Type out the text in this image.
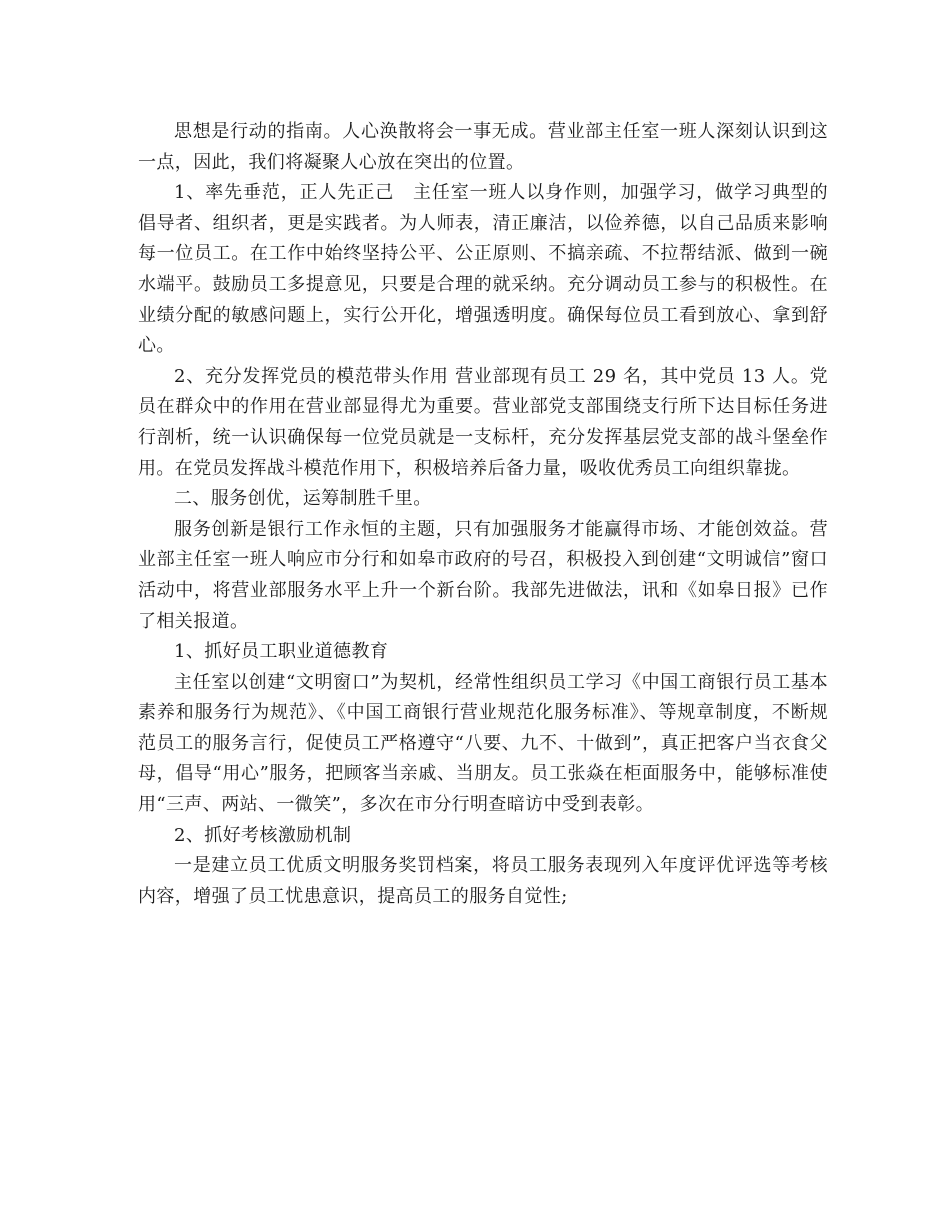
思想是行动的指南。人心涣散将会一事无成。营业部主任室一班人深刻认识到这一点，因此，我们将凝聚人心放在突出的位置。

1、率先垂范，正人先正己　主任室一班人以身作则，加强学习，做学习典型的倡导者、组织者，更是实践者。为人师表，清正廉洁，以俭养德，以自己品质来影响每一位员工。在工作中始终坚持公平、公正原则、不搞亲疏、不拉帮结派、做到一碗水端平。鼓励员工多提意见，只要是合理的就采纳。充分调动员工参与的积极性。在业绩分配的敏感问题上，实行公开化，增强透明度。确保每位员工看到放心、拿到舒心。

2、充分发挥党员的模范带头作用 营业部现有员工 29 名，其中党员 13 人。党员在群众中的作用在营业部显得尤为重要。营业部党支部围绕支行所下达目标任务进行剖析，统一认识确保每一位党员就是一支标杆，充分发挥基层党支部的战斗堡垒作用。在党员发挥战斗模范作用下，积极培养后备力量，吸收优秀员工向组织靠拢。

二、服务创优，运筹制胜千里。

服务创新是银行工作永恒的主题，只有加强服务才能赢得市场、才能创效益。营业部主任室一班人响应市分行和如皋市政府的号召，积极投入到创建“文明诚信”窗口活动中，将营业部服务水平上升一个新台阶。我部先进做法，讯和《如皋日报》已作了相关报道。

1、抓好员工职业道德教育

主任室以创建“文明窗口”为契机，经常性组织员工学习《中国工商银行员工基本素养和服务行为规范》、《中国工商银行营业规范化服务标准》、等规章制度，不断规范员工的服务言行，促使员工严格遵守“八要、九不、十做到”，真正把客户当衣食父母，倡导“用心”服务，把顾客当亲戚、当朋友。员工张焱在柜面服务中，能够标准使用“三声、两站、一微笑”，多次在市分行明查暗访中受到表彰。

2、抓好考核激励机制

一是建立员工优质文明服务奖罚档案，将员工服务表现列入年度评优评选等考核内容，增强了员工忧患意识，提高员工的服务自觉性;
